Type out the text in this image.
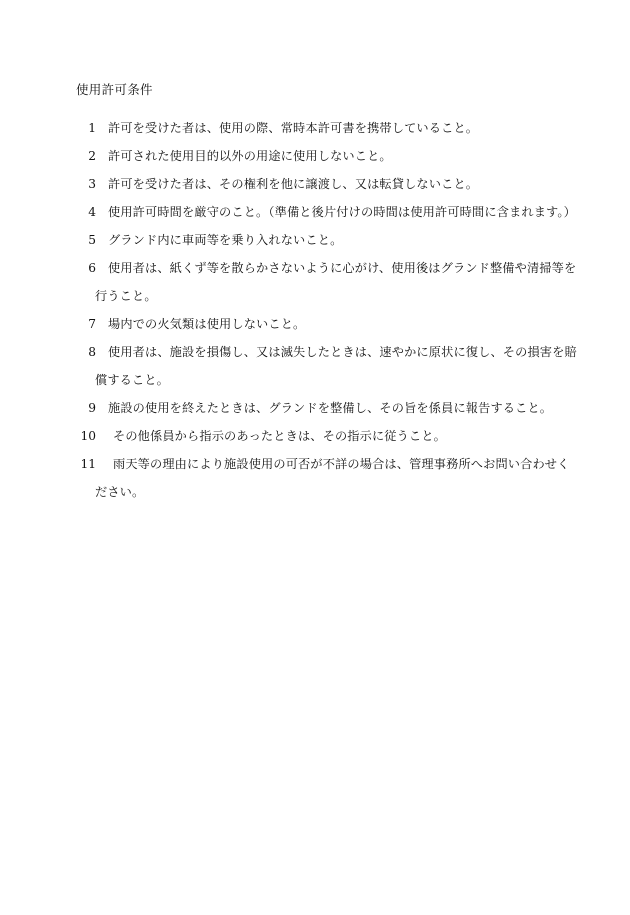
使用許可条件
1 許可を受けた者は、使用の際、常時本許可書を携帯していること。
2 許可された使用目的以外の用途に使用しないこと。
3 許可を受けた者は、その権利を他に譲渡し、又は転貸しないこと。
4 使用許可時間を厳守のこと。（準備と後片付けの時間は使用許可時間に含まれます。）
5 グランド内に車両等を乗り入れないこと。
6 使用者は、紙くず等を散らかさないように心がけ、使用後はグランド整備や清掃等を
行うこと。
7 場内での火気類は使用しないこと。
8 使用者は、施設を損傷し、又は滅失したときは、速やかに原状に復し、その損害を賠
償すること。
9 施設の使用を終えたときは、グランドを整備し、その旨を係員に報告すること。
10 その他係員から指示のあったときは、その指示に従うこと。
11 雨天等の理由により施設使用の可否が不詳の場合は、管理事務所へお問い合わせく
ださい。
